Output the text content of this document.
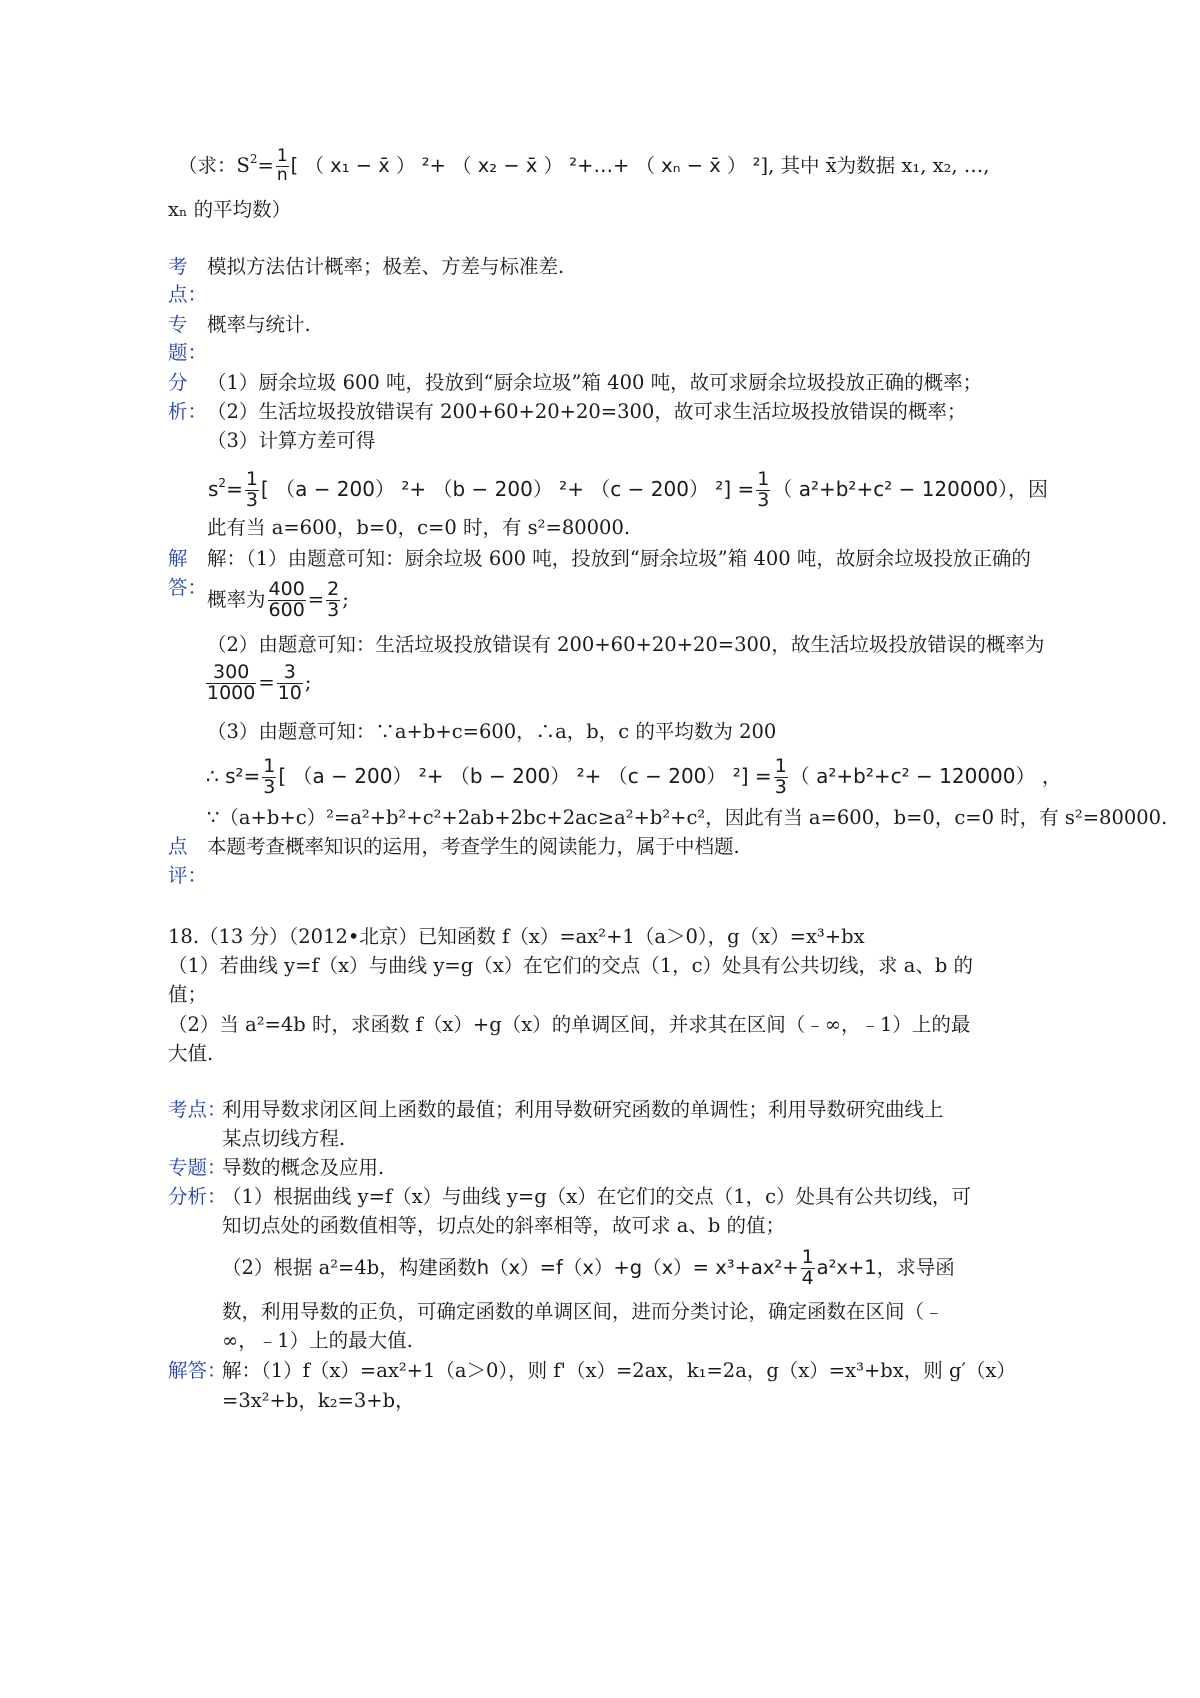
（求：$S^2= \frac{1}{n}$ [ （ x₁ − x̄ ） ²+ （ x₂ − x̄ ） ²+…+ （ xₙ − x̄ ） ²], 其中 x̄为数据 x₁, x₂, …,
xₙ 的平均数）
考
点：
模拟方法估计概率；极差、方差与标准差.
专
题：
概率与统计.
分
析：
（1）厨余垃圾 600 吨，投放到“厨余垃圾”箱 400 吨，故可求厨余垃圾投放正确的概率；
（2）生活垃圾投放错误有 200+60+20+20=300，故可求生活垃圾投放错误的概率；
（3）计算方差可得
$s^2= \frac{1}{3}$ [ （a − 200） ²+ （b − 200） ²+ （c − 200） $^2] = \frac{1}{3}$ （ a²+b²+c² − 120000），因
此有当 a=600，b=0，c=0 时，有 s²=80000.
解
答：
解：（1）由题意可知：厨余垃圾 600 吨，投放到“厨余垃圾”箱 400 吨，故厨余垃圾投放正确的
概率为 $\frac{400}{600} = \frac{2}{3}$ ;
（2）由题意可知：生活垃圾投放错误有 200+60+20+20=300，故生活垃圾投放错误的概率为
$\frac{300}{1000} = \frac{3}{10}$ ;
（3）由题意可知：∵a+b+c=600，∴a，b，c 的平均数为 200
∴ $s^2= \frac{1}{3}$ [ （a − 200） ²+ （b − 200） ²+ （c − 200） $^2] = \frac{1}{3}$ （ a²+b²+c² − 120000） ，
∵（a+b+c）²=a²+b²+c²+2ab+2bc+2ac≥a²+b²+c²，因此有当 a=600，b=0，c=0 时，有 s²=80000.
点
评：
本题考查概率知识的运用，考查学生的阅读能力，属于中档题.
18.（13 分）（2012•北京）已知函数 f（x）=ax²+1（a＞0），g（x）=x³+bx
（1）若曲线 y=f（x）与曲线 y=g（x）在它们的交点（1，c）处具有公共切线，求 a、b 的
值；
（2）当 a²=4b 时，求函数 f（x）+g（x）的单调区间，并求其在区间（﹣∞，﹣1）上的最
大值.
考点：
利用导数求闭区间上函数的最值；利用导数研究函数的单调性；利用导数研究曲线上
某点切线方程.
专题：
导数的概念及应用.
分析：
（1）根据曲线 y=f（x）与曲线 y=g（x）在它们的交点（1，c）处具有公共切线，可
知切点处的函数值相等，切点处的斜率相等，故可求 a、b 的值；
（2）根据 a²=4b，构建函数$h(x)=f(x)+g(x)= x^3+ax^2+ \frac{1}{4} a^2x+1$，求导函
数，利用导数的正负，可确定函数的单调区间，进而分类讨论，确定函数在区间（﹣
∞，﹣1）上的最大值.
解答：
解：（1）f（x）=ax²+1（a＞0），则 f'（x）=2ax，k₁=2a，g（x）=x³+bx，则 g′（x）
=3x²+b，k₂=3+b，
